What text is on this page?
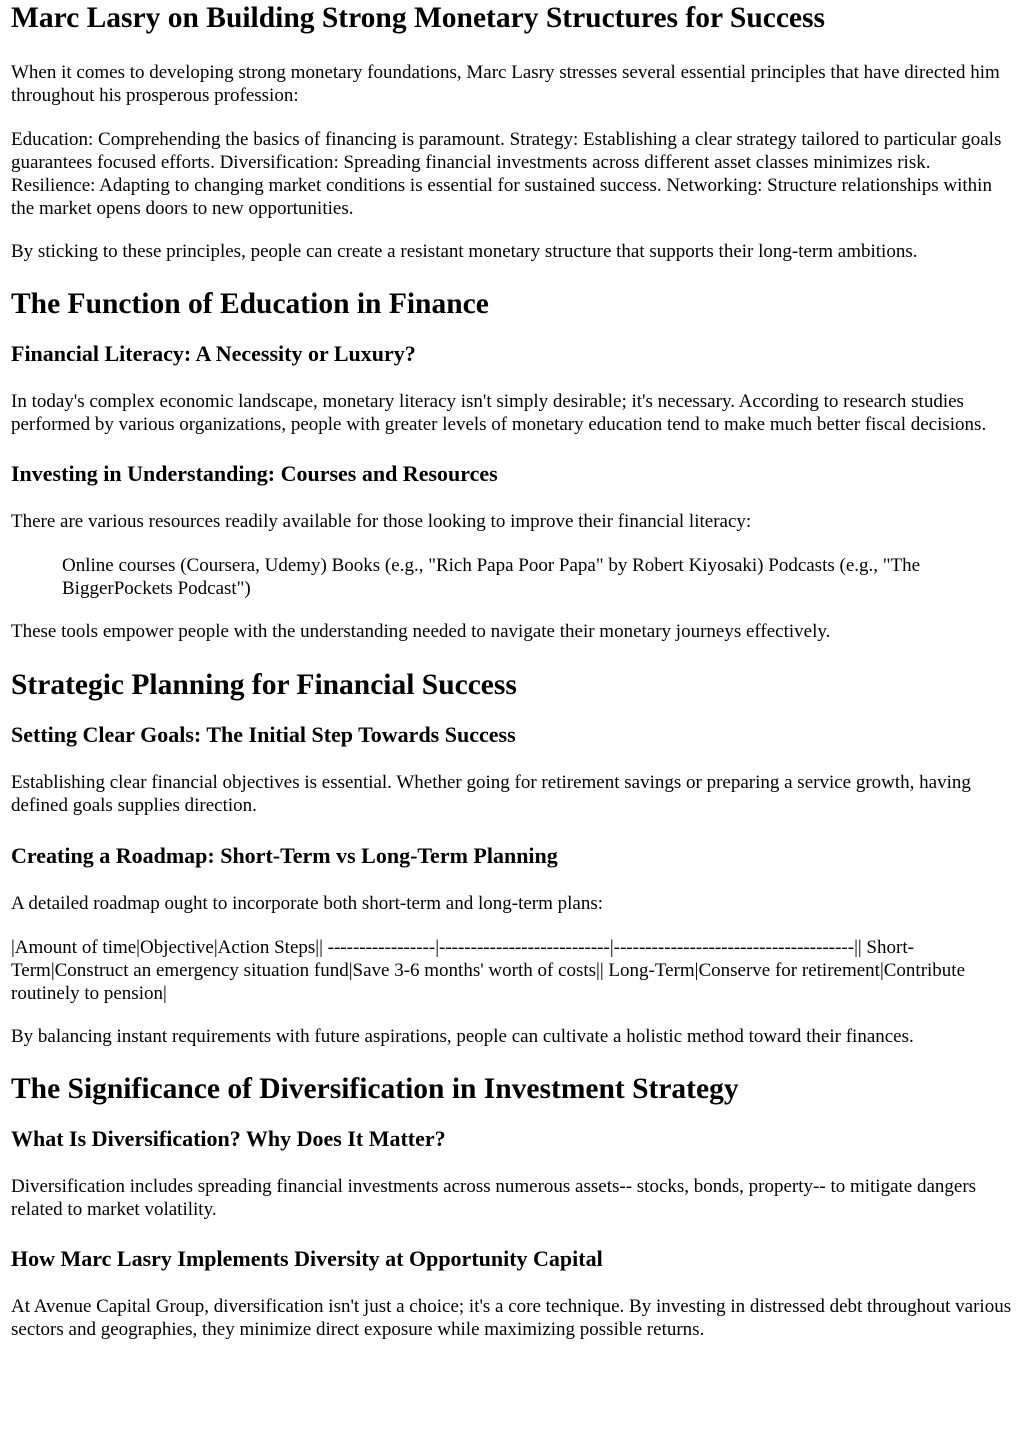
Marc Lasry on Building Strong Monetary Structures for Success

When it comes to developing strong monetary foundations, Marc Lasry stresses several essential principles that have directed him throughout his prosperous profession:

Education: Comprehending the basics of financing is paramount. Strategy: Establishing a clear strategy tailored to particular goals guarantees focused efforts. Diversification: Spreading financial investments across different asset classes minimizes risk. Resilience: Adapting to changing market conditions is essential for sustained success. Networking: Structure relationships within the market opens doors to new opportunities.

By sticking to these principles, people can create a resistant monetary structure that supports their long-term ambitions.

The Function of Education in Finance
Financial Literacy: A Necessity or Luxury?

In today's complex economic landscape, monetary literacy isn't simply desirable; it's necessary. According to research studies performed by various organizations, people with greater levels of monetary education tend to make much better fiscal decisions.

Investing in Understanding: Courses and Resources

There are various resources readily available for those looking to improve their financial literacy:

Online courses (Coursera, Udemy) Books (e.g., "Rich Papa Poor Papa" by Robert Kiyosaki) Podcasts (e.g., "The BiggerPockets Podcast")

These tools empower people with the understanding needed to navigate their monetary journeys effectively.

Strategic Planning for Financial Success
Setting Clear Goals: The Initial Step Towards Success

Establishing clear financial objectives is essential. Whether going for retirement savings or preparing a service growth, having defined goals supplies direction.

Creating a Roadmap: Short-Term vs Long-Term Planning

A detailed roadmap ought to incorporate both short-term and long-term plans:

|Amount of time|Objective|Action Steps|| -----------------|---------------------------|--------------------------------------|| Short-Term|Construct an emergency situation fund|Save 3-6 months' worth of costs|| Long-Term|Conserve for retirement|Contribute routinely to pension|

By balancing instant requirements with future aspirations, people can cultivate a holistic method toward their finances.

The Significance of Diversification in Investment Strategy
What Is Diversification? Why Does It Matter?

Diversification includes spreading financial investments across numerous assets-- stocks, bonds, property-- to mitigate dangers related to market volatility.

How Marc Lasry Implements Diversity at Opportunity Capital

At Avenue Capital Group, diversification isn't just a choice; it's a core technique. By investing in distressed debt throughout various sectors and geographies, they minimize direct exposure while maximizing possible returns.
